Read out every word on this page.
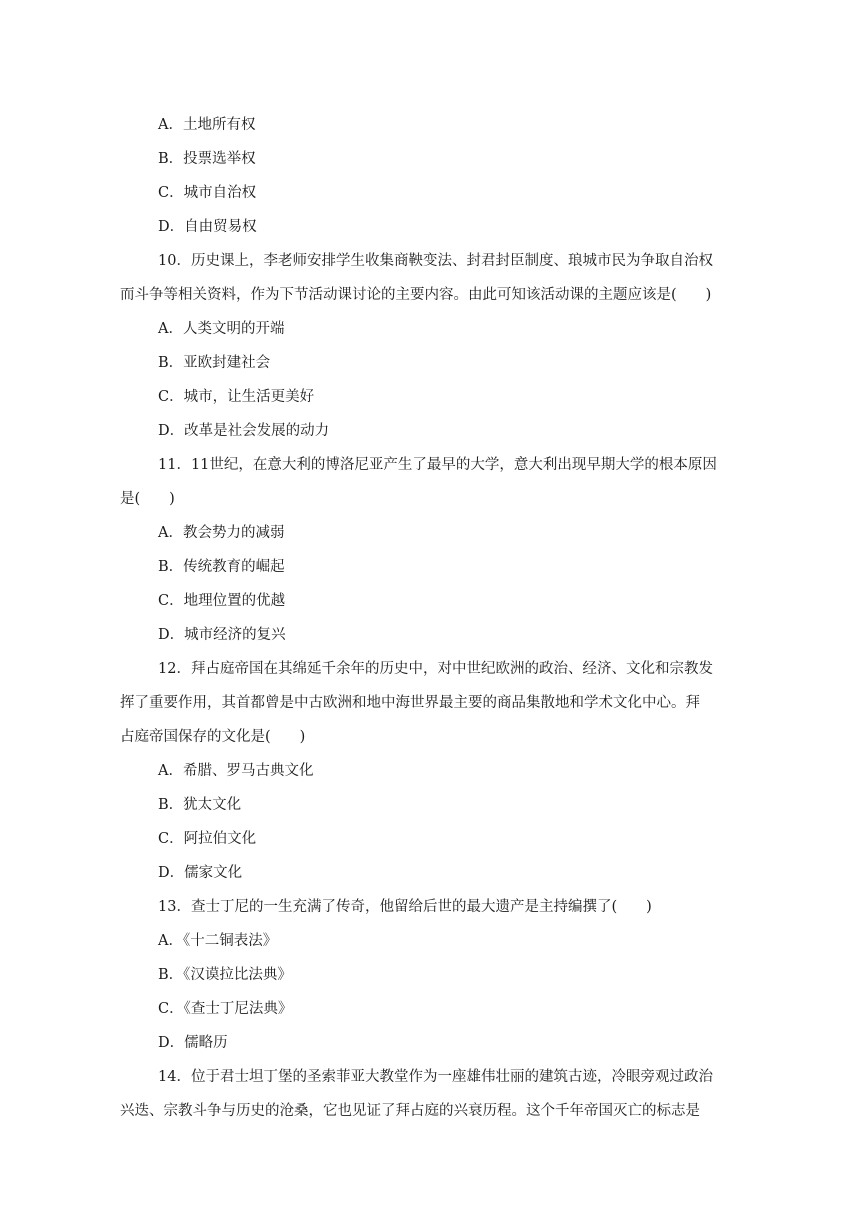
A．土地所有权
B．投票选举权
C．城市自治权
D．自由贸易权
10．历史课上，李老师安排学生收集商鞅变法、封君封臣制度、琅城市民为争取自治权
而斗争等相关资料，作为下节活动课讨论的主要内容。由此可知该活动课的主题应该是(　　)
A．人类文明的开端
B．亚欧封建社会
C．城市，让生活更美好
D．改革是社会发展的动力
11．11世纪，在意大利的博洛尼亚产生了最早的大学，意大利出现早期大学的根本原因
是(　　)
A．教会势力的减弱
B．传统教育的崛起
C．地理位置的优越
D．城市经济的复兴
12．拜占庭帝国在其绵延千余年的历史中，对中世纪欧洲的政治、经济、文化和宗教发
挥了重要作用，其首都曾是中古欧洲和地中海世界最主要的商品集散地和学术文化中心。拜
占庭帝国保存的文化是(　　)
A．希腊、罗马古典文化
B．犹太文化
C．阿拉伯文化
D．儒家文化
13．查士丁尼的一生充满了传奇，他留给后世的最大遗产是主持编撰了(　　)
A．《十二铜表法》
B．《汉谟拉比法典》
C．《查士丁尼法典》
D．儒略历
14．位于君士坦丁堡的圣索菲亚大教堂作为一座雄伟壮丽的建筑古迹，冷眼旁观过政治
兴迭、宗教斗争与历史的沧桑，它也见证了拜占庭的兴衰历程。这个千年帝国灭亡的标志是
